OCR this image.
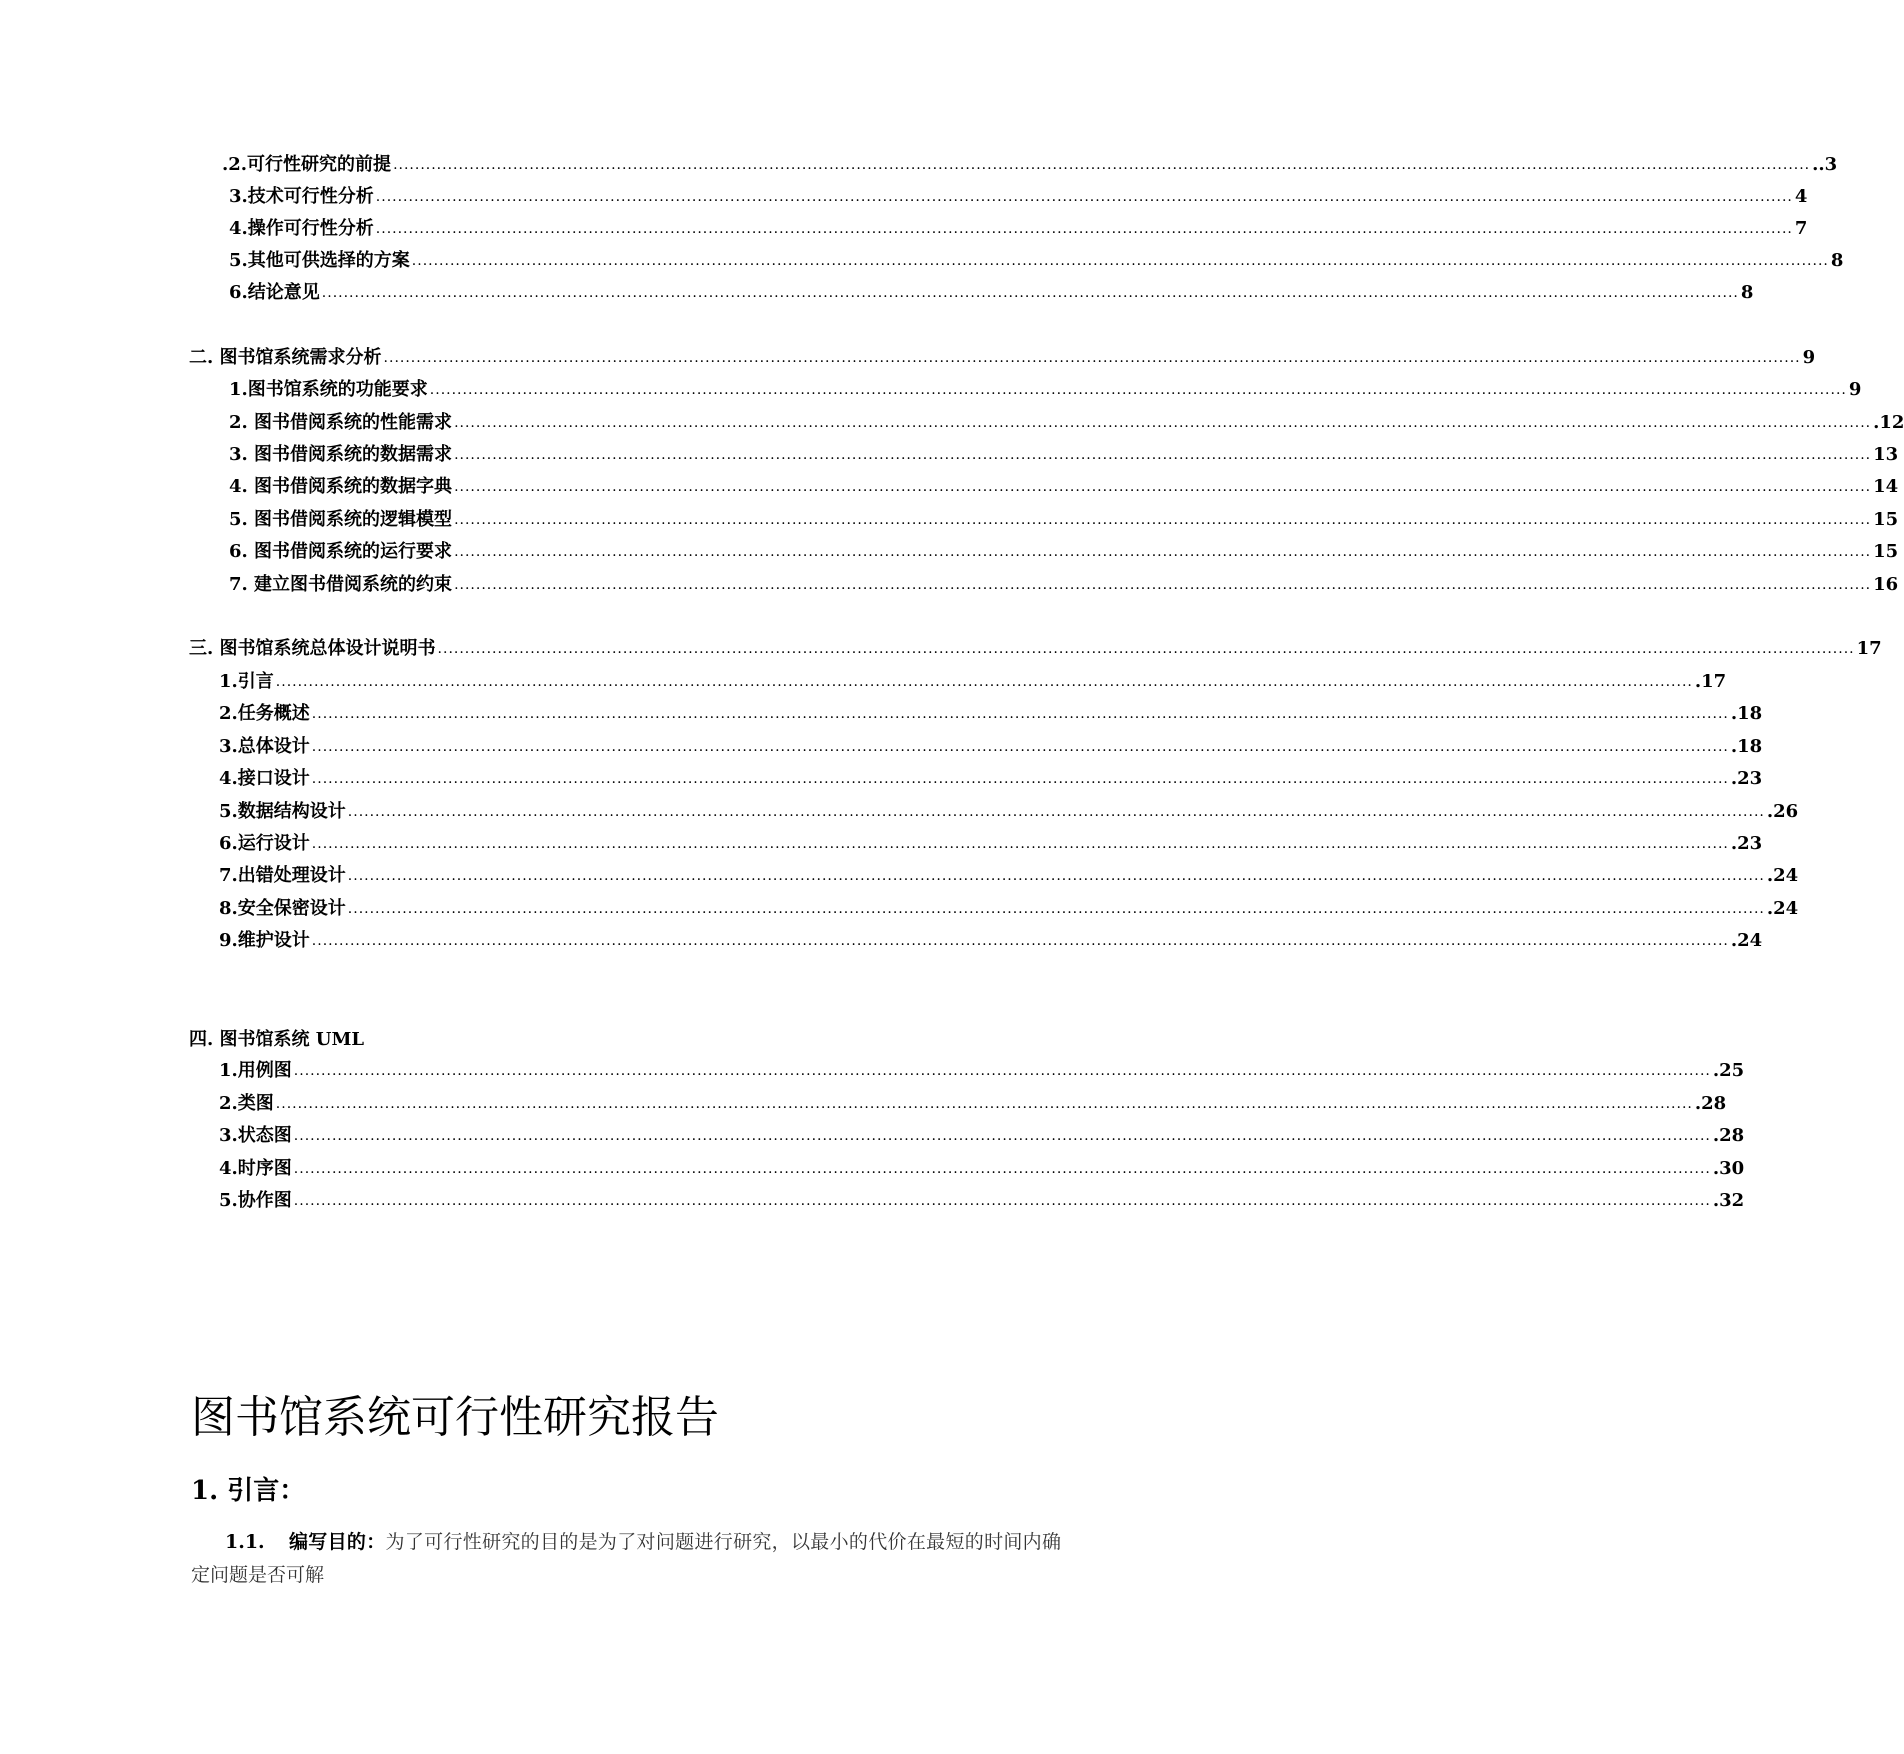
.2.可行性研究的前提 .................................................................................................................................................................................................................................................................... ..3
3.技术可行性分析 .................................................................................................................................................................................................................................................................... 4
4.操作可行性分析 .................................................................................................................................................................................................................................................................... 7
5.其他可供选择的方案 .................................................................................................................................................................................................................................................................... 8
6.结论意见 .................................................................................................................................................................................................................................................................... 8
二. 图书馆系统需求分析 .................................................................................................................................................................................................................................................................... 9
1.图书馆系统的功能要求 .................................................................................................................................................................................................................................................................... 9
2. 图书借阅系统的性能需求 .................................................................................................................................................................................................................................................................... .12
3. 图书借阅系统的数据需求 .................................................................................................................................................................................................................................................................... 13
4. 图书借阅系统的数据字典 .................................................................................................................................................................................................................................................................... 14
5. 图书借阅系统的逻辑模型 .................................................................................................................................................................................................................................................................... 15
6. 图书借阅系统的运行要求 .................................................................................................................................................................................................................................................................... 15
7. 建立图书借阅系统的约束 .................................................................................................................................................................................................................................................................... 16
三. 图书馆系统总体设计说明书 .................................................................................................................................................................................................................................................................... 17
1.引言 .................................................................................................................................................................................................................................................................... .17
2.任务概述 .................................................................................................................................................................................................................................................................... .18
3.总体设计 .................................................................................................................................................................................................................................................................... .18
4.接口设计 .................................................................................................................................................................................................................................................................... .23
5.数据结构设计 .................................................................................................................................................................................................................................................................... .26
6.运行设计 .................................................................................................................................................................................................................................................................... .23
7.出错处理设计 .................................................................................................................................................................................................................................................................... .24
8.安全保密设计 .................................................................................................................................................................................................................................................................... .24
9.维护设计 .................................................................................................................................................................................................................................................................... .24
四. 图书馆系统 UML
1.用例图 .................................................................................................................................................................................................................................................................... .25
2.类图 .................................................................................................................................................................................................................................................................... .28
3.状态图 .................................................................................................................................................................................................................................................................... .28
4.时序图 .................................................................................................................................................................................................................................................................... .30
5.协作图 .................................................................................................................................................................................................................................................................... .32
图书馆系统可行性研究报告
1. 引言：

1.1. 编写目的：为了可行性研究的目的是为了对问题进行研究，以最小的代价在最短的时间内确定问题是否可解
